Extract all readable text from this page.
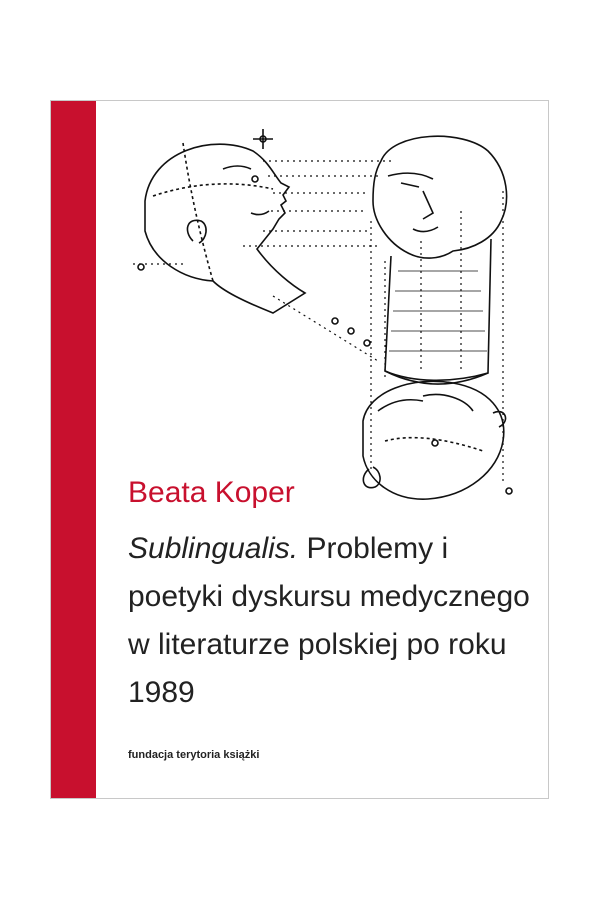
Beata Koper
Sublingualis. Problemy i poetyki dyskursu medycznego w literaturze polskiej po roku 1989
fundacja terytoria książki
